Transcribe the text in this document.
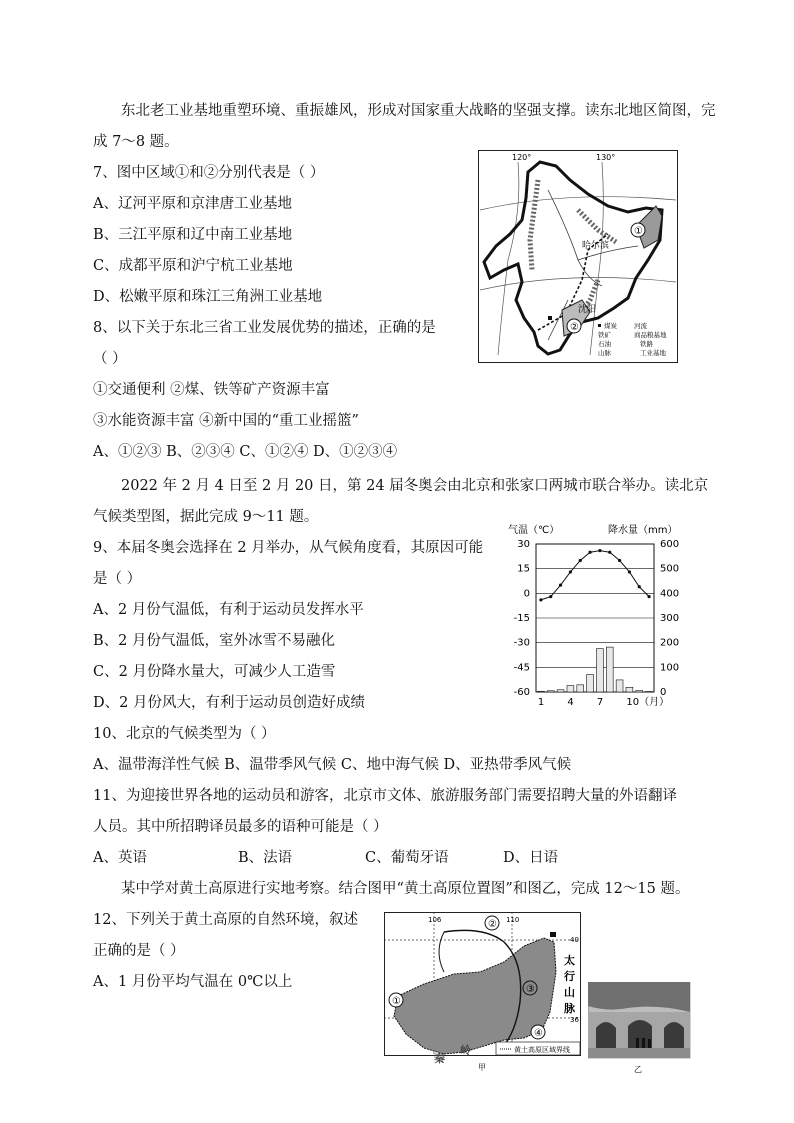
东北老工业基地重塑环境、重振雄风，形成对国家重大战略的坚强支撑。读东北地区简图，完
成 7～8 题。
7、图中区域①和②分别代表是（ ）
A、辽河平原和京津唐工业基地
B、三江平原和辽中南工业基地
C、成都平原和沪宁杭工业基地
D、松嫩平原和珠江三角洲工业基地
8、以下关于东北三省工业发展优势的描述，正确的是
（ ）
①交通便利 ②煤、铁等矿产资源丰富
③水能资源丰富 ④新中国的“重工业摇篮”
A、①②③ B、②③④ C、①②④ D、①②③④
2022 年 2 月 4 日至 2 月 20 日，第 24 届冬奥会由北京和张家口两城市联合举办。读北京
气候类型图，据此完成 9～11 题。
9、本届冬奥会选择在 2 月举办，从气候角度看，其原因可能
是（ ）
A、2 月份气温低，有利于运动员发挥水平
B、2 月份气温低，室外冰雪不易融化
C、2 月份降水量大，可减少人工造雪
D、2 月份风大，有利于运动员创造好成绩
10、北京的气候类型为（ ）
A、温带海洋性气候 B、温带季风气候 C、地中海气候 D、亚热带季风气候
11、为迎接世界各地的运动员和游客，北京市文体、旅游服务部门需要招聘大量的外语翻译
人员。其中所招聘译员最多的语种可能是（ ）
A、英语	B、法语	C、葡萄牙语	D、日语
某中学对黄土高原进行实地考察。结合图甲“黄土高原位置图”和图乙，完成 12～15 题。
12、下列关于黄土高原的自然环境，叙述
正确的是（ ）
A、1 月份平均气温在 0℃以上
120°	130°
①
②
哈尔滨
沈阳
煤炭	河流
铁矿	商品粮基地
石油	铁路
山脉	工业基地
气温（℃）	降水量（mm）
30
15
0
-15
-30
-45
-60
600
500
400
300
200
100
0
1 4 7 10（月）
106	110
40
36
②
①
③
④
太
行
山
脉
秦
岭	黄土高原区域界线
甲	乙
